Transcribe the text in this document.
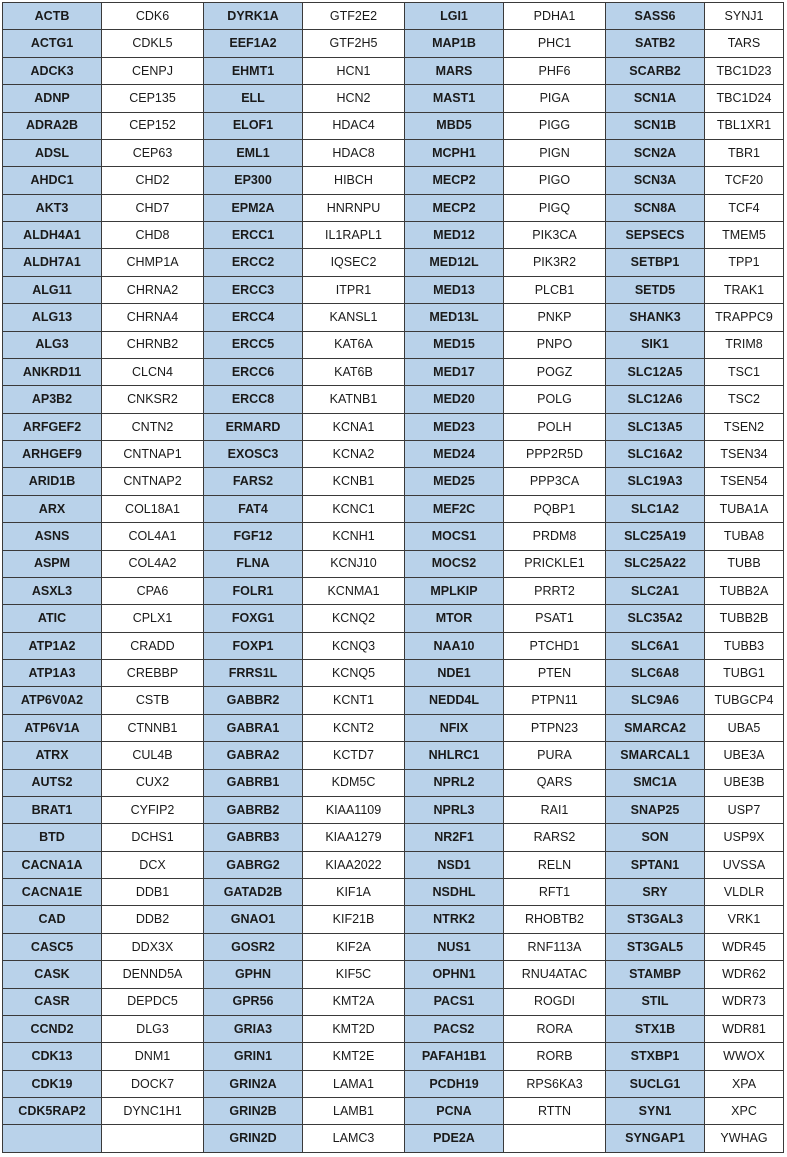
ACTB	CDK6	DYRK1A	GTF2E2	LGI1	PDHA1	SASS6	SYNJ1
ACTG1	CDKL5	EEF1A2	GTF2H5	MAP1B	PHC1	SATB2	TARS
ADCK3	CENPJ	EHMT1	HCN1	MARS	PHF6	SCARB2	TBC1D23
ADNP	CEP135	ELL	HCN2	MAST1	PIGA	SCN1A	TBC1D24
ADRA2B	CEP152	ELOF1	HDAC4	MBD5	PIGG	SCN1B	TBL1XR1
ADSL	CEP63	EML1	HDAC8	MCPH1	PIGN	SCN2A	TBR1
AHDC1	CHD2	EP300	HIBCH	MECP2	PIGO	SCN3A	TCF20
AKT3	CHD7	EPM2A	HNRNPU	MECP2	PIGQ	SCN8A	TCF4
ALDH4A1	CHD8	ERCC1	IL1RAPL1	MED12	PIK3CA	SEPSECS	TMEM5
ALDH7A1	CHMP1A	ERCC2	IQSEC2	MED12L	PIK3R2	SETBP1	TPP1
ALG11	CHRNA2	ERCC3	ITPR1	MED13	PLCB1	SETD5	TRAK1
ALG13	CHRNA4	ERCC4	KANSL1	MED13L	PNKP	SHANK3	TRAPPC9
ALG3	CHRNB2	ERCC5	KAT6A	MED15	PNPO	SIK1	TRIM8
ANKRD11	CLCN4	ERCC6	KAT6B	MED17	POGZ	SLC12A5	TSC1
AP3B2	CNKSR2	ERCC8	KATNB1	MED20	POLG	SLC12A6	TSC2
ARFGEF2	CNTN2	ERMARD	KCNA1	MED23	POLH	SLC13A5	TSEN2
ARHGEF9	CNTNAP1	EXOSC3	KCNA2	MED24	PPP2R5D	SLC16A2	TSEN34
ARID1B	CNTNAP2	FARS2	KCNB1	MED25	PPP3CA	SLC19A3	TSEN54
ARX	COL18A1	FAT4	KCNC1	MEF2C	PQBP1	SLC1A2	TUBA1A
ASNS	COL4A1	FGF12	KCNH1	MOCS1	PRDM8	SLC25A19	TUBA8
ASPM	COL4A2	FLNA	KCNJ10	MOCS2	PRICKLE1	SLC25A22	TUBB
ASXL3	CPA6	FOLR1	KCNMA1	MPLKIP	PRRT2	SLC2A1	TUBB2A
ATIC	CPLX1	FOXG1	KCNQ2	MTOR	PSAT1	SLC35A2	TUBB2B
ATP1A2	CRADD	FOXP1	KCNQ3	NAA10	PTCHD1	SLC6A1	TUBB3
ATP1A3	CREBBP	FRRS1L	KCNQ5	NDE1	PTEN	SLC6A8	TUBG1
ATP6V0A2	CSTB	GABBR2	KCNT1	NEDD4L	PTPN11	SLC9A6	TUBGCP4
ATP6V1A	CTNNB1	GABRA1	KCNT2	NFIX	PTPN23	SMARCA2	UBA5
ATRX	CUL4B	GABRA2	KCTD7	NHLRC1	PURA	SMARCAL1	UBE3A
AUTS2	CUX2	GABRB1	KDM5C	NPRL2	QARS	SMC1A	UBE3B
BRAT1	CYFIP2	GABRB2	KIAA1109	NPRL3	RAI1	SNAP25	USP7
BTD	DCHS1	GABRB3	KIAA1279	NR2F1	RARS2	SON	USP9X
CACNA1A	DCX	GABRG2	KIAA2022	NSD1	RELN	SPTAN1	UVSSA
CACNA1E	DDB1	GATAD2B	KIF1A	NSDHL	RFT1	SRY	VLDLR
CAD	DDB2	GNAO1	KIF21B	NTRK2	RHOBTB2	ST3GAL3	VRK1
CASC5	DDX3X	GOSR2	KIF2A	NUS1	RNF113A	ST3GAL5	WDR45
CASK	DENND5A	GPHN	KIF5C	OPHN1	RNU4ATAC	STAMBP	WDR62
CASR	DEPDC5	GPR56	KMT2A	PACS1	ROGDI	STIL	WDR73
CCND2	DLG3	GRIA3	KMT2D	PACS2	RORA	STX1B	WDR81
CDK13	DNM1	GRIN1	KMT2E	PAFAH1B1	RORB	STXBP1	WWOX
CDK19	DOCK7	GRIN2A	LAMA1	PCDH19	RPS6KA3	SUCLG1	XPA
CDK5RAP2	DYNC1H1	GRIN2B	LAMB1	PCNA	RTTN	SYN1	XPC
		GRIN2D	LAMC3	PDE2A		SYNGAP1	YWHAG
